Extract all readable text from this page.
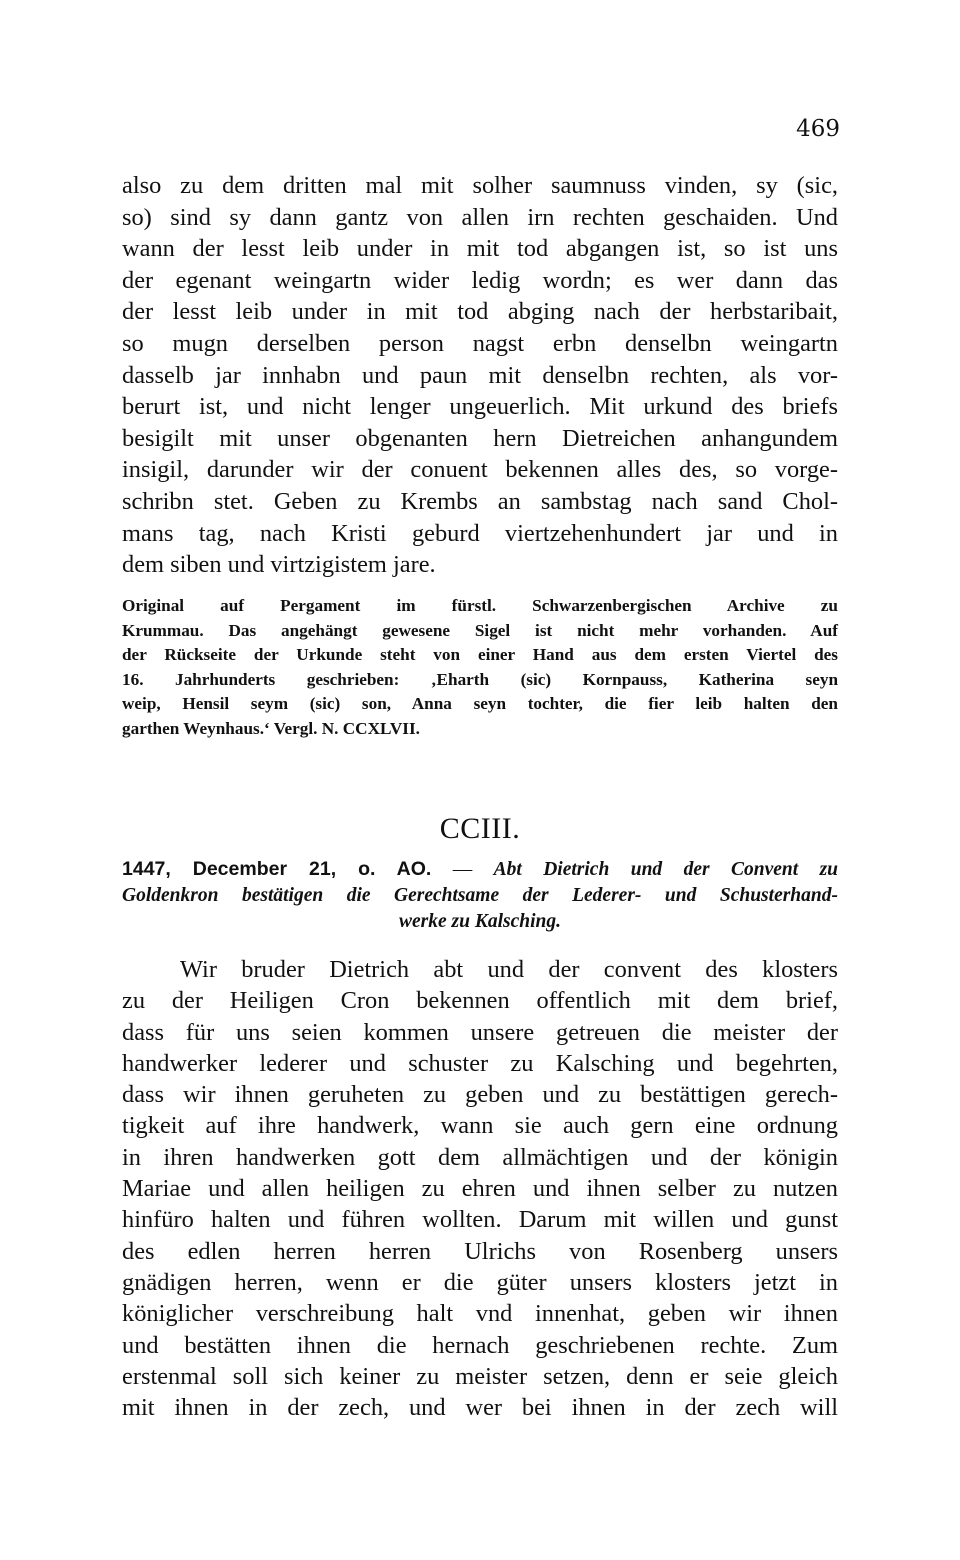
469
also zu dem dritten mal mit solher saumnuss vinden, sy (sic,
so) sind sy dann gantz von allen irn rechten geschaiden. Und
wann der lesst leib under in mit tod abgangen ist, so ist uns
der egenant weingartn wider ledig wordn; es wer dann das
der lesst leib under in mit tod abging nach der herbstaribait,
so mugn derselben person nagst erbn denselbn weingartn
dasselb jar innhabn und paun mit denselbn rechten, als vor-
berurt ist, und nicht lenger ungeuerlich. Mit urkund des briefs
besigilt mit unser obgenanten hern Dietreichen anhangundem
insigil, darunder wir der conuent bekennen alles des, so vorge-
schribn stet. Geben zu Krembs an sambstag nach sand Chol-
mans tag, nach Kristi geburd viertzehenhundert jar und in
dem siben und virtzigistem jare.
Original auf Pergament im fürstl. Schwarzenbergischen Archive zu
Krummau. Das angehängt gewesene Sigel ist nicht mehr vorhanden. Auf
der Rückseite der Urkunde steht von einer Hand aus dem ersten Viertel des
16. Jahrhunderts geschrieben: ‚Eharth (sic) Kornpauss, Katherina seyn
weip, Hensil seym (sic) son, Anna seyn tochter, die fier leib halten den
garthen Weynhaus.‘ Vergl. N. CCXLVII.
CCIII.
1447, December 21, o. AO. — Abt Dietrich und der Convent zu
Goldenkron bestätigen die Gerechtsame der Lederer- und Schusterhand-
werke zu Kalsching.
Wir bruder Dietrich abt und der convent des klosters
zu der Heiligen Cron bekennen offentlich mit dem brief,
dass für uns seien kommen unsere getreuen die meister der
handwerker lederer und schuster zu Kalsching und begehrten,
dass wir ihnen geruheten zu geben und zu bestättigen gerech-
tigkeit auf ihre handwerk, wann sie auch gern eine ordnung
in ihren handwerken gott dem allmächtigen und der königin
Mariae und allen heiligen zu ehren und ihnen selber zu nutzen
hinfüro halten und führen wollten. Darum mit willen und gunst
des edlen herren herren Ulrichs von Rosenberg unsers
gnädigen herren, wenn er die güter unsers klosters jetzt in
königlicher verschreibung halt vnd innenhat, geben wir ihnen
und bestätten ihnen die hernach geschriebenen rechte. Zum
erstenmal soll sich keiner zu meister setzen, denn er seie gleich
mit ihnen in der zech, und wer bei ihnen in der zech will
